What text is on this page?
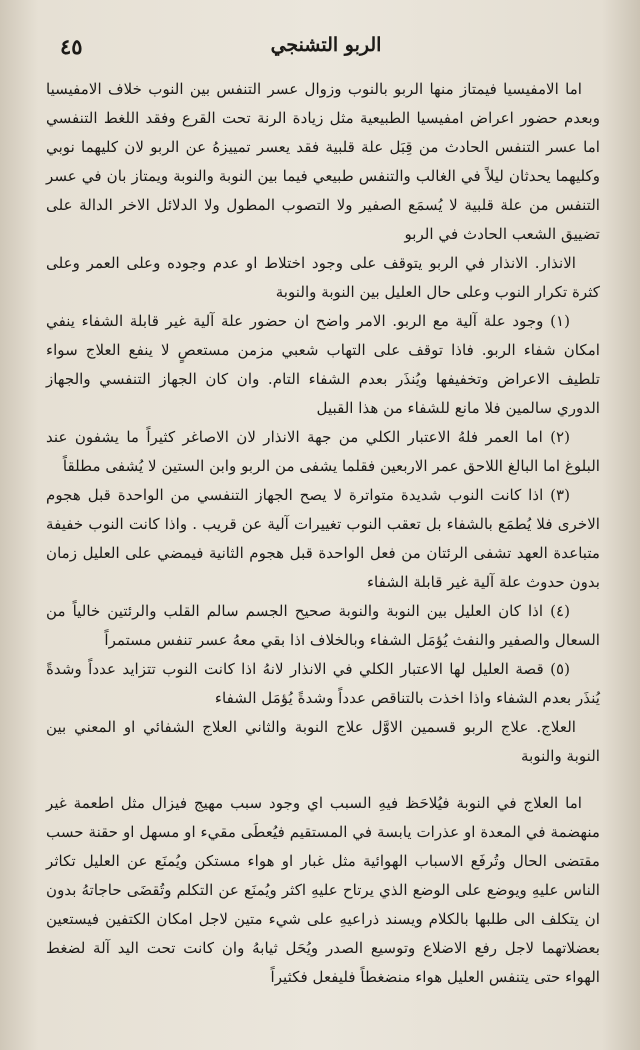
٤٥	الربو التشنجي

اما الامفيسيا فيمتاز منها الربو بالنوب وزوال عسر التنفس بين النوب خلاف الامفيسيا وبعدم حضور اعراض امفيسيا الطبيعية مثل زيادة الرنة تحت القرع وفقد اللغط التنفسي اما عسر التنفس الحادث من قِبَل علة قلبية فقد يعسر تمييزهُ عن الربو لان كليهما نوبي وكليهما يحدثان ليلاً في الغالب والتنفس طبيعي فيما بين النوبة والنوبة ويمتاز بان في عسر التنفس من علة قلبية لا يُسمَع الصفير ولا التصوب المطول ولا الدلائل الاخر الدالة على تضييق الشعب الحادث في الربو

الانذار. الانذار في الربو يتوقف على وجود اختلاط او عدم وجوده وعلى العمر وعلى كثرة تكرار النوب وعلى حال العليل بين النوبة والنوبة

(١) وجود علة آلية مع الربو. الامر واضح ان حضور علة آلية غير قابلة الشفاء ينفي امكان شفاء الربو. فاذا توقف على التهاب شعبي مزمن مستعصٍ لا ينفع العلاج سواء تلطيف الاعراض وتخفيفها ويُنذَر بعدم الشفاء التام. وان كان الجهاز التنفسي والجهاز الدوري سالمين فلا مانع للشفاء من هذا القبيل

(٢) اما العمر فلهُ الاعتبار الكلي من جهة الانذار لان الاصاغر كثيراً ما يشفون عند البلوغ اما البالغ اللاحق عمر الاربعين فقلما يشفى من الربو وابن الستين لا يُشفى مطلقاً

(٣) اذا كانت النوب شديدة متواترة لا يصح الجهاز التنفسي من الواحدة قبل هجوم الاخرى فلا يُطمَع بالشفاء بل تعقب النوب تغييرات آلية عن قريب . واذا كانت النوب خفيفة متباعدة العهد تشفى الرئتان من فعل الواحدة قبل هجوم الثانية فيمضي على العليل زمان بدون حدوث علة آلية غير قابلة الشفاء

(٤) اذا كان العليل بين النوبة والنوبة صحيح الجسم سالم القلب والرئتين خالياً من السعال والصفير والنفث يُؤمَل الشفاء وبالخلاف اذا بقي معهُ عسر تنفس مستمراً

(٥) قصة العليل لها الاعتبار الكلي في الانذار لانهُ اذا كانت النوب تتزايد عدداً وشدةً يُنذَر بعدم الشفاء واذا اخذت بالتناقص عدداً وشدةً يُؤمَل الشفاء

العلاج. علاج الربو قسمين الاوَّل علاج النوبة والثاني العلاج الشفائي او المعني بين النوبة والنوبة

اما العلاج في النوبة فيُلاحَظ فيهِ السبب اي وجود سبب مهيج فيزال مثل اطعمة غير منهضمة في المعدة او عذرات يابسة في المستقيم فيُعطَى مقيء او مسهل او حقنة حسب مقتضى الحال وتُرفَع الاسباب الهوائية مثل غبار او هواء مستكن ويُمنَع عن العليل تكاثر الناس عليهِ ويوضع على الوضع الذي يرتاح عليهِ اكثر ويُمنَع عن التكلم وتُقضَى حاجاتهُ بدون ان يتكلف الى طلبها بالكلام ويسند ذراعيهِ على شيء متين لاجل امكان الكتفين فيستعين بعضلاتهما لاجل رفع الاضلاع وتوسيع الصدر ويُحَل ثيابهُ وان كانت تحت اليد آلة لضغط الهواء حتى يتنفس العليل هواء منضغطاً فليفعل فكثيراً
